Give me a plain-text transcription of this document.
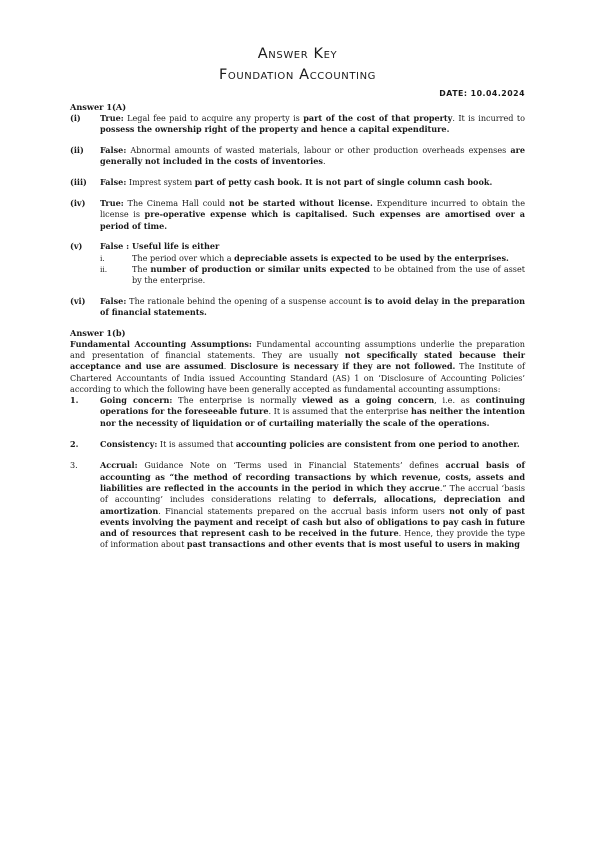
Answer Key
Foundation Accounting
DATE: 10.04.2024
Answer 1(A)
(i)	True: Legal fee paid to acquire any property is part of the cost of that property. It is incurred to possess the ownership right of the property and hence a capital expenditure.
(ii)	False: Abnormal amounts of wasted materials, labour or other production overheads expenses are generally not included in the costs of inventories.
(iii)	False: Imprest system part of petty cash book. It is not part of single column cash book.
(iv)	True: The Cinema Hall could not be started without license. Expenditure incurred to obtain the license is pre-operative expense which is capitalised. Such expenses are amortised over a period of time.
(v)	False : Useful life is either
i.	The period over which a depreciable assets is expected to be used by the enterprises.
ii.	The number of production or similar units expected to be obtained from the use of asset by the enterprise.
(vi)	False: The rationale behind the opening of a suspense account is to avoid delay in the preparation of financial statements.
Answer 1(b)
Fundamental Accounting Assumptions: Fundamental accounting assumptions underlie the preparation and presentation of financial statements. They are usually not specifically stated because their acceptance and use are assumed. Disclosure is necessary if they are not followed. The Institute of Chartered Accountants of India issued Accounting Standard (AS) 1 on ‘Disclosure of Accounting Policies’ according to which the following have been generally accepted as fundamental accounting assumptions:
1.	Going concern: The enterprise is normally viewed as a going concern, i.e. as continuing operations for the foreseeable future. It is assumed that the enterprise has neither the intention nor the necessity of liquidation or of curtailing materially the scale of the operations.
2.	Consistency: It is assumed that accounting policies are consistent from one period to another.
3.	Accrual: Guidance Note on ‘Terms used in Financial Statements’ defines accrual basis of accounting as “the method of recording transactions by which revenue, costs, assets and liabilities are reflected in the accounts in the period in which they accrue.” The accrual ‘basis of accounting’ includes considerations relating to deferrals, allocations, depreciation and amortization. Financial statements prepared on the accrual basis inform users not only of past events involving the payment and receipt of cash but also of obligations to pay cash in future and of resources that represent cash to be received in the future. Hence, they provide the type of information about past transactions and other events that is most useful to users in making
